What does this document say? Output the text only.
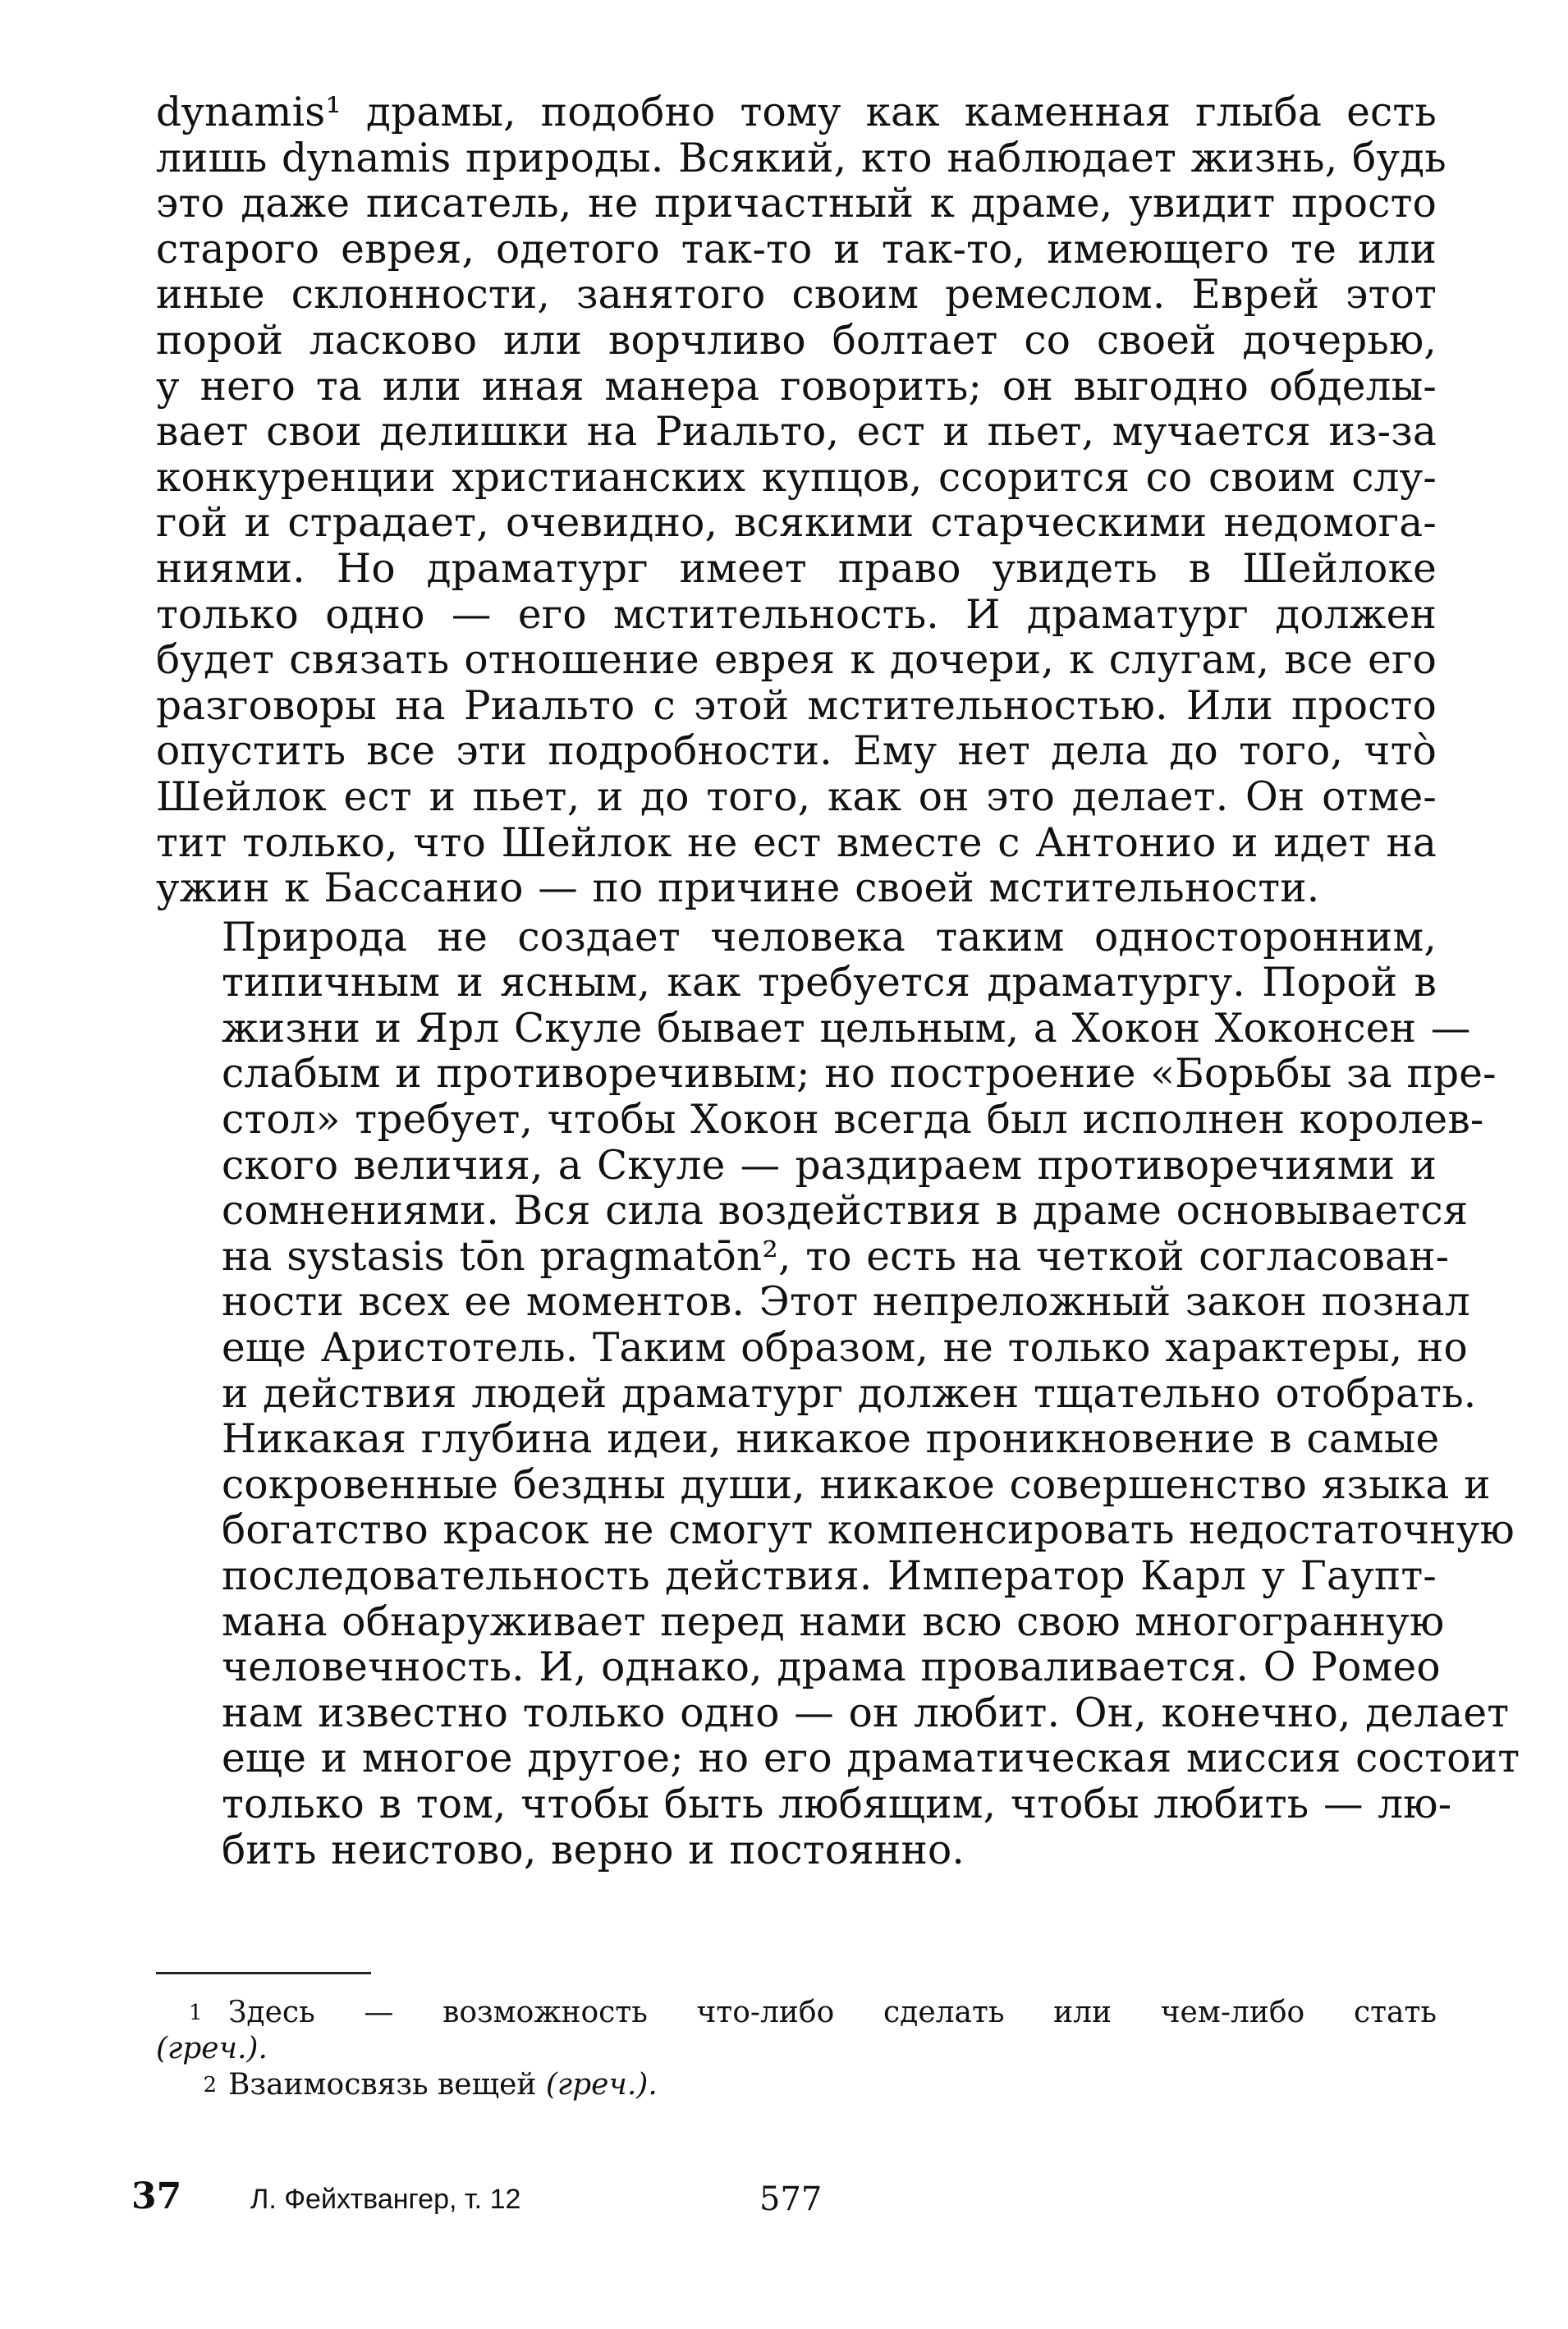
dynamis¹ драмы, подобно тому как каменная глыба есть
лишь dynamis природы. Всякий, кто наблюдает жизнь, будь
это даже писатель, не причастный к драме, увидит просто
старого еврея, одетого так-то и так-то, имеющего те или
иные склонности, занятого своим ремеслом. Еврей этот
порой ласково или ворчливо болтает со своей дочерью,
у него та или иная манера говорить; он выгодно обделы-
вает свои делишки на Риальто, ест и пьет, мучается из-за
конкуренции христианских купцов, ссорится со своим слу-
гой и страдает, очевидно, всякими старческими недомога-
ниями. Но драматург имеет право увидеть в Шейлоке
только одно — его мстительность. И драматург должен
будет связать отношение еврея к дочери, к слугам, все его
разговоры на Риальто с этой мстительностью. Или просто
опустить все эти подробности. Ему нет дела до того, что̀
Шейлок ест и пьет, и до того, как он это делает. Он отме-
тит только, что Шейлок не ест вместе с Антонио и идет на
ужин к Бассанио — по причине своей мстительности.

Природа не создает человека таким односторонним,
типичным и ясным, как требуется драматургу. Порой в
жизни и Ярл Скуле бывает цельным, а Хокон Хоконсен —
слабым и противоречивым; но построение «Борьбы за пре-
стол» требует, чтобы Хокон всегда был исполнен королев-
ского величия, а Скуле — раздираем противоречиями и
сомнениями. Вся сила воздействия в драме основывается
на systasis tōn pragmatōn², то есть на четкой согласован-
ности всех ее моментов. Этот непреложный закон познал
еще Аристотель. Таким образом, не только характеры, но
и действия людей драматург должен тщательно отобрать.
Никакая глубина идеи, никакое проникновение в самые
сокровенные бездны души, никакое совершенство языка и
богатство красок не смогут компенсировать недостаточную
последовательность действия. Император Карл у Гаупт-
мана обнаруживает перед нами всю свою многогранную
человечность. И, однако, драма проваливается. О Ромео
нам известно только одно — он любит. Он, конечно, делает
еще и многое другое; но его драматическая миссия состоит
только в том, чтобы быть любящим, чтобы любить — лю-
бить неистово, верно и постоянно.

1 Здесь — возможность что-либо сделать или чем-либо стать
(греч.).

2 Взаимосвязь вещей (греч.).

37 Л. Фейхтвангер, т. 12	577
